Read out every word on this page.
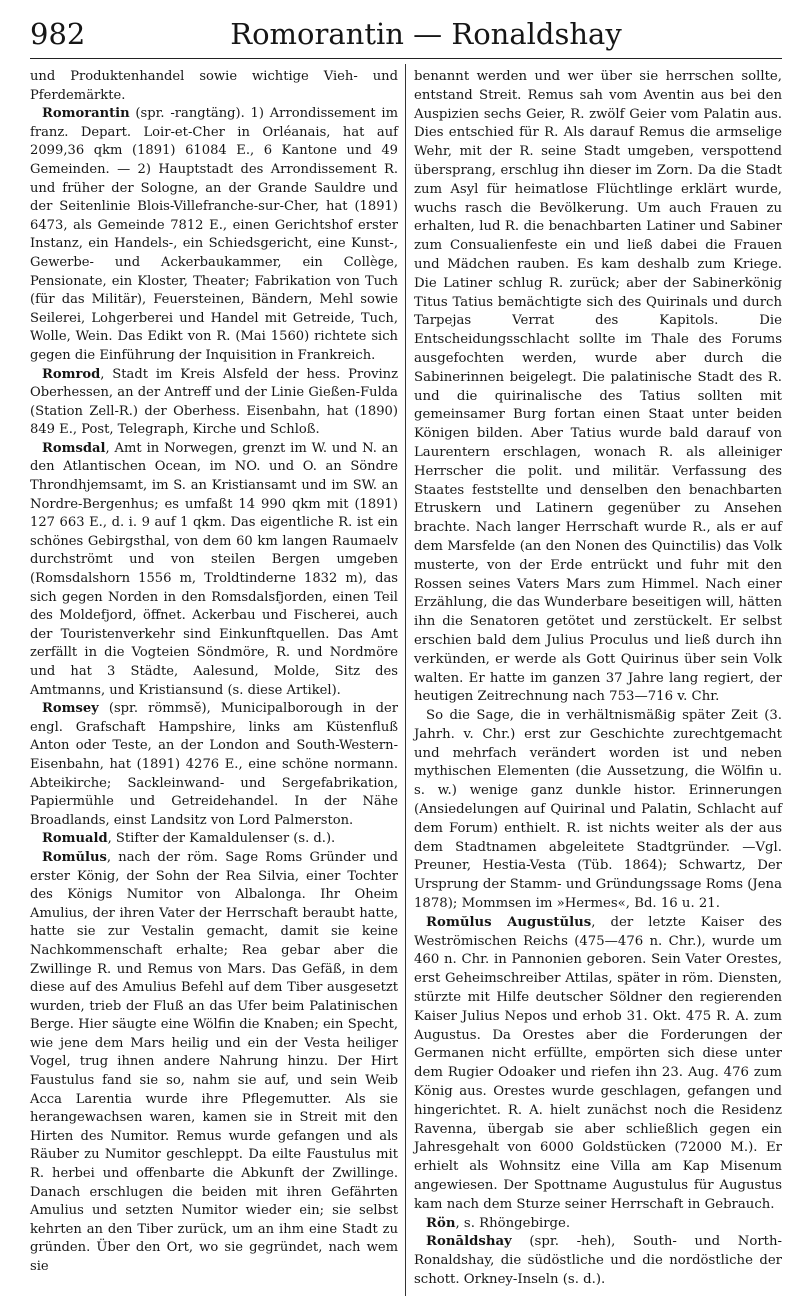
982	Romorantin — Ronaldshay

und Produktenhandel sowie wichtige Vieh- und Pferdemärkte.

Romorantin (spr. -rangtäng). 1) Arrondissement im franz. Depart. Loir-et-Cher in Orléanais, hat auf 2099,36 qkm (1891) 61084 E., 6 Kantone und 49 Gemeinden. — 2) Hauptstadt des Arrondissement R. und früher der Sologne, an der Grande Sauldre und der Seitenlinie Blois-Villefranche-sur-Cher, hat (1891) 6473, als Gemeinde 7812 E., einen Gerichtshof erster Instanz, ein Handels-, ein Schiedsgericht, eine Kunst-, Gewerbe- und Ackerbaukammer, ein Collège, Pensionate, ein Kloster, Theater; Fabrikation von Tuch (für das Militär), Feuersteinen, Bändern, Mehl sowie Seilerei, Lohgerberei und Handel mit Getreide, Tuch, Wolle, Wein. Das Edikt von R. (Mai 1560) richtete sich gegen die Einführung der Inquisition in Frankreich.

Romrod, Stadt im Kreis Alsfeld der hess. Provinz Oberhessen, an der Antreff und der Linie Gießen-Fulda (Station Zell-R.) der Oberhess. Eisenbahn, hat (1890) 849 E., Post, Telegraph, Kirche und Schloß.

Romsdal, Amt in Norwegen, grenzt im W. und N. an den Atlantischen Ocean, im NO. und O. an Söndre Throndhjemsamt, im S. an Kristiansamt und im SW. an Nordre-Bergenhus; es umfaßt 14 990 qkm mit (1891) 127 663 E., d. i. 9 auf 1 qkm. Das eigentliche R. ist ein schönes Gebirgsthal, von dem 60 km langen Raumaelv durchströmt und von steilen Bergen umgeben (Romsdalshorn 1556 m, Troldtinderne 1832 m), das sich gegen Norden in den Romsdalsfjorden, einen Teil des Moldefjord, öffnet. Ackerbau und Fischerei, auch der Touristenverkehr sind Einkunftquellen. Das Amt zerfällt in die Vogteien Söndmöre, R. und Nordmöre und hat 3 Städte, Aalesund, Molde, Sitz des Amtmanns, und Kristiansund (s. diese Artikel).

Romsey (spr. römmsĕ), Municipalborough in der engl. Grafschaft Hampshire, links am Küstenfluß Anton oder Teste, an der London and South-Western-Eisenbahn, hat (1891) 4276 E., eine schöne normann. Abteikirche; Sackleinwand- und Sergefabrikation, Papiermühle und Getreidehandel. In der Nähe Broadlands, einst Landsitz von Lord Palmerston.

Romuald, Stifter der Kamaldulenser (s. d.).

Romŭlus, nach der röm. Sage Roms Gründer und erster König, der Sohn der Rea Silvia, einer Tochter des Königs Numitor von Albalonga. Ihr Oheim Amulius, der ihren Vater der Herrschaft beraubt hatte, hatte sie zur Vestalin gemacht, damit sie keine Nachkommenschaft erhalte; Rea gebar aber die Zwillinge R. und Remus von Mars. Das Gefäß, in dem diese auf des Amulius Befehl auf dem Tiber ausgesetzt wurden, trieb der Fluß an das Ufer beim Palatinischen Berge. Hier säugte eine Wölfin die Knaben; ein Specht, wie jene dem Mars heilig und ein der Vesta heiliger Vogel, trug ihnen andere Nahrung hinzu. Der Hirt Faustulus fand sie so, nahm sie auf, und sein Weib Acca Larentia wurde ihre Pflegemutter. Als sie herangewachsen waren, kamen sie in Streit mit den Hirten des Numitor. Remus wurde gefangen und als Räuber zu Numitor geschleppt. Da eilte Faustulus mit R. herbei und offenbarte die Abkunft der Zwillinge. Danach erschlugen die beiden mit ihren Gefährten Amulius und setzten Numitor wieder ein; sie selbst kehrten an den Tiber zurück, um an ihm eine Stadt zu gründen. Über den Ort, wo sie gegründet, nach wem sie

benannt werden und wer über sie herrschen sollte, entstand Streit. Remus sah vom Aventin aus bei den Auspizien sechs Geier, R. zwölf Geier vom Palatin aus. Dies entschied für R. Als darauf Remus die armselige Wehr, mit der R. seine Stadt umgeben, verspottend übersprang, erschlug ihn dieser im Zorn. Da die Stadt zum Asyl für heimatlose Flüchtlinge erklärt wurde, wuchs rasch die Bevölkerung. Um auch Frauen zu erhalten, lud R. die benachbarten Latiner und Sabiner zum Consualienfeste ein und ließ dabei die Frauen und Mädchen rauben. Es kam deshalb zum Kriege. Die Latiner schlug R. zurück; aber der Sabinerkönig Titus Tatius bemächtigte sich des Quirinals und durch Tarpejas Verrat des Kapitols. Die Entscheidungsschlacht sollte im Thale des Forums ausgefochten werden, wurde aber durch die Sabinerinnen beigelegt. Die palatinische Stadt des R. und die quirinalische des Tatius sollten mit gemeinsamer Burg fortan einen Staat unter beiden Königen bilden. Aber Tatius wurde bald darauf von Laurentern erschlagen, wonach R. als alleiniger Herrscher die polit. und militär. Verfassung des Staates feststellte und denselben den benachbarten Etruskern und Latinern gegenüber zu Ansehen brachte. Nach langer Herrschaft wurde R., als er auf dem Marsfelde (an den Nonen des Quinctilis) das Volk musterte, von der Erde entrückt und fuhr mit den Rossen seines Vaters Mars zum Himmel. Nach einer Erzählung, die das Wunderbare beseitigen will, hätten ihn die Senatoren getötet und zerstückelt. Er selbst erschien bald dem Julius Proculus und ließ durch ihn verkünden, er werde als Gott Quirinus über sein Volk walten. Er hatte im ganzen 37 Jahre lang regiert, der heutigen Zeitrechnung nach 753—716 v. Chr.

So die Sage, die in verhältnismäßig später Zeit (3. Jahrh. v. Chr.) erst zur Geschichte zurechtgemacht und mehrfach verändert worden ist und neben mythischen Elementen (die Aussetzung, die Wölfin u. s. w.) wenige ganz dunkle histor. Erinnerungen (Ansiedelungen auf Quirinal und Palatin, Schlacht auf dem Forum) enthielt. R. ist nichts weiter als der aus dem Stadtnamen abgeleitete Stadtgründer. —Vgl. Preuner, Hestia-Vesta (Tüb. 1864); Schwartz, Der Ursprung der Stamm- und Gründungssage Roms (Jena 1878); Mommsen im »Hermes«, Bd. 16 u. 21.

Romŭlus Augustŭlus, der letzte Kaiser des Weströmischen Reichs (475—476 n. Chr.), wurde um 460 n. Chr. in Pannonien geboren. Sein Vater Orestes, erst Geheimschreiber Attilas, später in röm. Diensten, stürzte mit Hilfe deutscher Söldner den regierenden Kaiser Julius Nepos und erhob 31. Okt. 475 R. A. zum Augustus. Da Orestes aber die Forderungen der Germanen nicht erfüllte, empörten sich diese unter dem Rugier Odoaker und riefen ihn 23. Aug. 476 zum König aus. Orestes wurde geschlagen, gefangen und hingerichtet. R. A. hielt zunächst noch die Residenz Ravenna, übergab sie aber schließlich gegen ein Jahresgehalt von 6000 Goldstücken (72000 M.). Er erhielt als Wohnsitz eine Villa am Kap Misenum angewiesen. Der Spottname Augustulus für Augustus kam nach dem Sturze seiner Herrschaft in Gebrauch.

Rön, s. Rhöngebirge.

Ronāldshay (spr. -heh), South- und North-Ronaldshay, die südöstliche und die nordöstliche der schott. Orkney-Inseln (s. d.).
